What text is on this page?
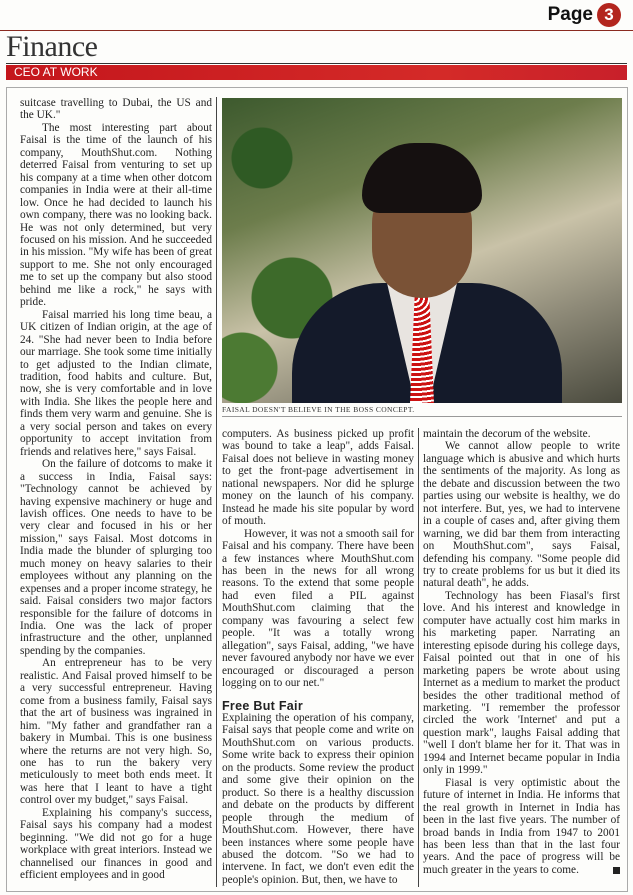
Page 3
Finance
CEO AT WORK

suitcase travelling to Dubai, the US and the UK."

The most interesting part about Faisal is the time of the launch of his company, MouthShut.com. Nothing deterred Faisal from venturing to set up his company at a time when other dotcom companies in India were at their all-time low. Once he had decided to launch his own company, there was no looking back. He was not only determined, but very focused on his mission. And he succeeded in his mission. "My wife has been of great support to me. She not only encouraged me to set up the company but also stood behind me like a rock," he says with pride.

Faisal married his long time beau, a UK citizen of Indian origin, at the age of 24. "She had never been to India before our marriage. She took some time initially to get adjusted to the Indian climate, tradition, food habits and culture. But, now, she is very comfortable and in love with India. She likes the people here and finds them very warm and genuine. She is a very social person and takes on every opportunity to accept invitation from friends and relatives here," says Faisal.

On the failure of dotcoms to make it a success in India, Faisal says: "Technology cannot be achieved by having expensive machinery or huge and lavish offices. One needs to have to be very clear and focused in his or her mission," says Faisal. Most dotcoms in India made the blunder of splurging too much money on heavy salaries to their employees without any planning on the expenses and a proper income strategy, he said. Faisal considers two major factors responsible for the failure of dotcoms in India. One was the lack of proper infrastructure and the other, unplanned spending by the companies.

An entrepreneur has to be very realistic. And Faisal proved himself to be a very successful entrepreneur. Having come from a business family, Faisal says that the art of business was ingrained in him. "My father and grandfather ran a bakery in Mumbai. This is one business where the returns are not very high. So, one has to run the bakery very meticulously to meet both ends meet. It was here that I leant to have a tight control over my budget," says Faisal.

Explaining his company's success, Faisal says his company had a modest beginning. "We did not go for a huge workplace with great interiors. Instead we channelised our finances in good and efficient employees and in good

FAISAL DOESN'T BELIEVE IN THE BOSS CONCEPT.

computers. As business picked up profit was bound to take a leap", adds Faisal. Faisal does not believe in wasting money to get the front-page advertisement in national newspapers. Nor did he splurge money on the launch of his company. Instead he made his site popular by word of mouth.

However, it was not a smooth sail for Faisal and his company. There have been a few instances where MouthShut.com has been in the news for all wrong reasons. To the extend that some people had even filed a PIL against MouthShut.com claiming that the company was favouring a select few people. "It was a totally wrong allegation", says Faisal, adding, "we have never favoured anybody nor have we ever encouraged or discouraged a person logging on to our net."

Free But Fair

Explaining the operation of his company, Faisal says that people come and write on MouthShut.com on various products. Some write back to express their opinion on the products. Some review the product and some give their opinion on the product. So there is a healthy discussion and debate on the products by different people through the medium of MouthShut.com. However, there have been instances where some people have abused the dotcom. "So we had to intervene. In fact, we don't even edit the people's opinion. But, then, we have to

maintain the decorum of the website.

We cannot allow people to write language which is abusive and which hurts the sentiments of the majority. As long as the debate and discussion between the two parties using our website is healthy, we do not interfere. But, yes, we had to intervene in a couple of cases and, after giving them warning, we did bar them from interacting on MouthShut.com", says Faisal, defending his company. "Some people did try to create problems for us but it died its natural death", he adds.

Technology has been Fiasal's first love. And his interest and knowledge in computer have actually cost him marks in his marketing paper. Narrating an interesting episode during his college days, Faisal pointed out that in one of his marketing papers be wrote about using Internet as a medium to market the product besides the other traditional method of marketing. "I remember the professor circled the work 'Internet' and put a question mark", laughs Faisal adding that "well I don't blame her for it. That was in 1994 and Internet became popular in India only in 1999."

Fiasal is very optimistic about the future of internet in India. He informs that the real growth in Internet in India has been in the last five years. The number of broad bands in India from 1947 to 2001 has been less than that in the last four years. And the pace of progress will be much greater in the years to come.
